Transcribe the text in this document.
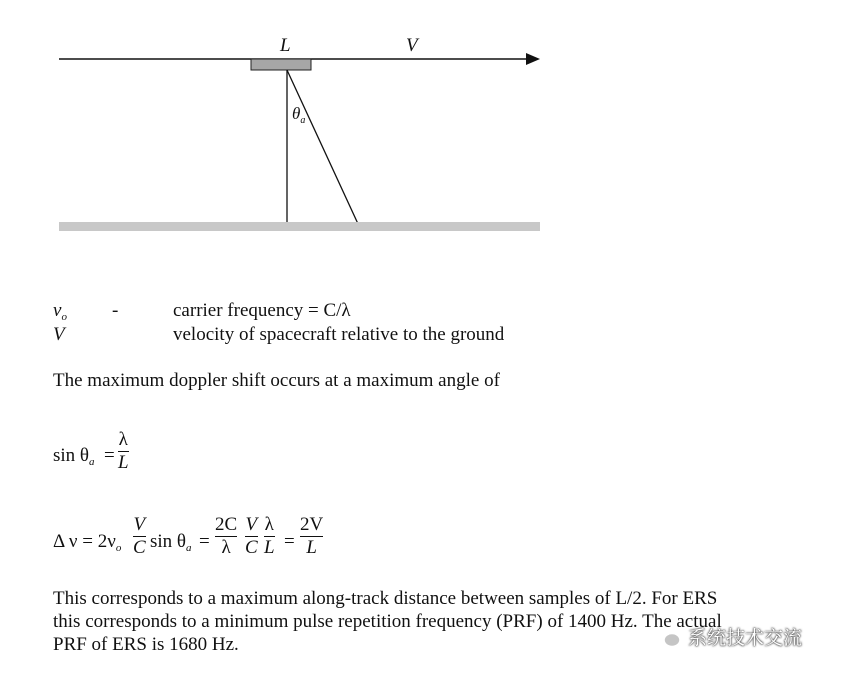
L	V
$\theta_a$
$\nu_o$ -	carrier frequency = C/λ
V	velocity of spacecraft relative to the ground
The maximum doppler shift occurs at a maximum angle of
$\sin \theta_a$ =
λ
L
Δ $\nu = 2\nu_o$
V
C $\sin \theta_a$ =
2C
λ
V
C
λ
L =
2V
L
This corresponds to a maximum along-track distance between samples of L/2. For ERS
this corresponds to a minimum pulse repetition frequency (PRF) of 1400 Hz. The actual
PRF of ERS is 1680 Hz.	系统技术交流
